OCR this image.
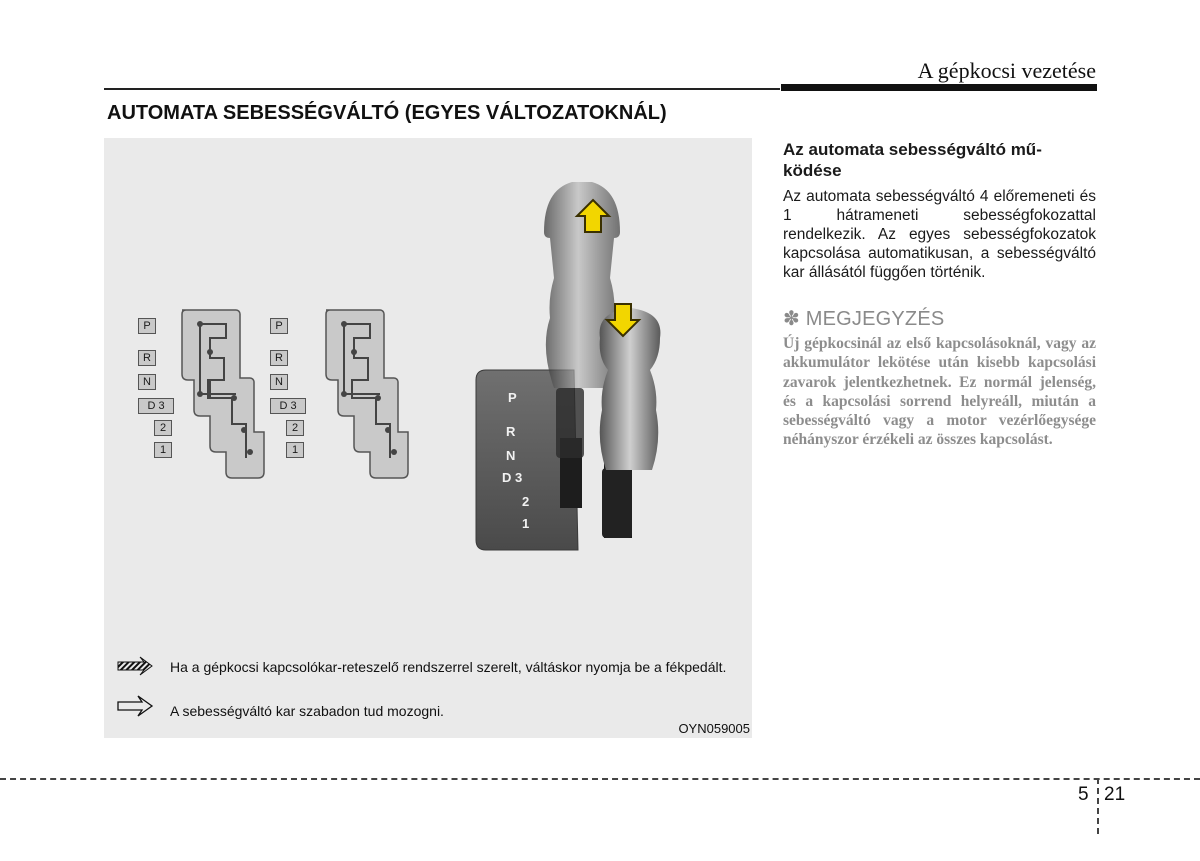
A gépkocsi vezetése
AUTOMATA SEBESSÉGVÁLTÓ (EGYES VÁLTOZATOKNÁL)
P
R
N
D 3
2
1
P
R
N
D 3
2
1
P
R
N
D 3
2
1
Ha a gépkocsi kapcsolókar-reteszelő rendszerrel szerelt, váltáskor nyomja be a fékpedált.
A sebességváltó kar szabadon tud mozogni.
OYN059005

Az automata sebességváltó mű-ködése

Az automata sebességváltó 4 előremeneti és 1 hátrameneti sebességfokozattal rendelkezik. Az egyes sebességfokozatok kapcsolása automatikusan, a sebességváltó kar állásától függően történik.

✽ MEGJEGYZÉS
Új gépkocsinál az első kapcsolásoknál, vagy az akkumulátor lekötése után kisebb kapcsolási zavarok jelentkezhetnek. Ez normál jelenség, és a kapcsolási sorrend helyreáll, miután a sebességváltó vagy a motor vezérlőegysége néhányszor érzékeli az összes kapcsolást.
5 21
